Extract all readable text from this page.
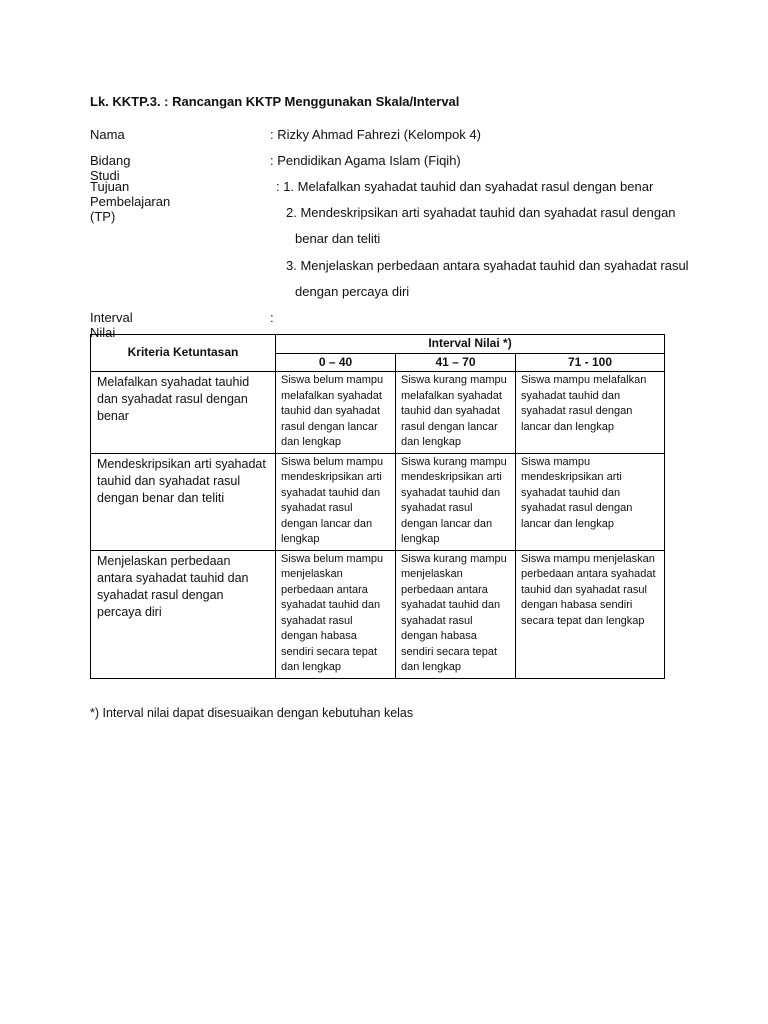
Lk. KKTP.3. : Rancangan KKTP Menggunakan Skala/Interval
Nama	: Rizky Ahmad Fahrezi (Kelompok 4)
Bidang Studi
: Pendidikan Agama Islam (Fiqih)
Tujuan Pembelajaran (TP)
: 1. Melafalkan syahadat tauhid dan syahadat rasul dengan benar
2. Mendeskripsikan arti syahadat tauhid dan syahadat rasul dengan
benar dan teliti
3. Menjelaskan perbedaan antara syahadat tauhid dan syahadat rasul
dengan percaya diri
Interval Nilai
:
Kriteria Ketuntasan	Interval Nilai *)		
	0 – 40	41 – 70	71 - 100
Melafalkan syahadat tauhid dan syahadat rasul dengan benar	Siswa belum mampu melafalkan syahadat tauhid dan syahadat rasul dengan lancar dan lengkap	Siswa kurang mampu melafalkan syahadat tauhid dan syahadat rasul dengan lancar dan lengkap	Siswa mampu melafalkan syahadat tauhid dan syahadat rasul dengan lancar dan lengkap
Mendeskripsikan arti syahadat tauhid dan syahadat rasul dengan benar dan teliti	Siswa belum mampu mendeskripsikan arti syahadat tauhid dan syahadat rasul dengan lancar dan lengkap	Siswa kurang mampu mendeskripsikan arti syahadat tauhid dan syahadat rasul dengan lancar dan lengkap	Siswa mampu mendeskripsikan arti syahadat tauhid dan syahadat rasul dengan lancar dan lengkap
Menjelaskan perbedaan antara syahadat tauhid dan syahadat rasul dengan percaya diri	Siswa belum mampu menjelaskan perbedaan antara syahadat tauhid dan syahadat rasul dengan habasa sendiri secara tepat dan lengkap	Siswa kurang mampu menjelaskan perbedaan antara syahadat tauhid dan syahadat rasul dengan habasa sendiri secara tepat dan lengkap	Siswa mampu menjelaskan perbedaan antara syahadat tauhid dan syahadat rasul dengan habasa sendiri secara tepat dan lengkap
*) Interval nilai dapat disesuaikan dengan kebutuhan kelas
